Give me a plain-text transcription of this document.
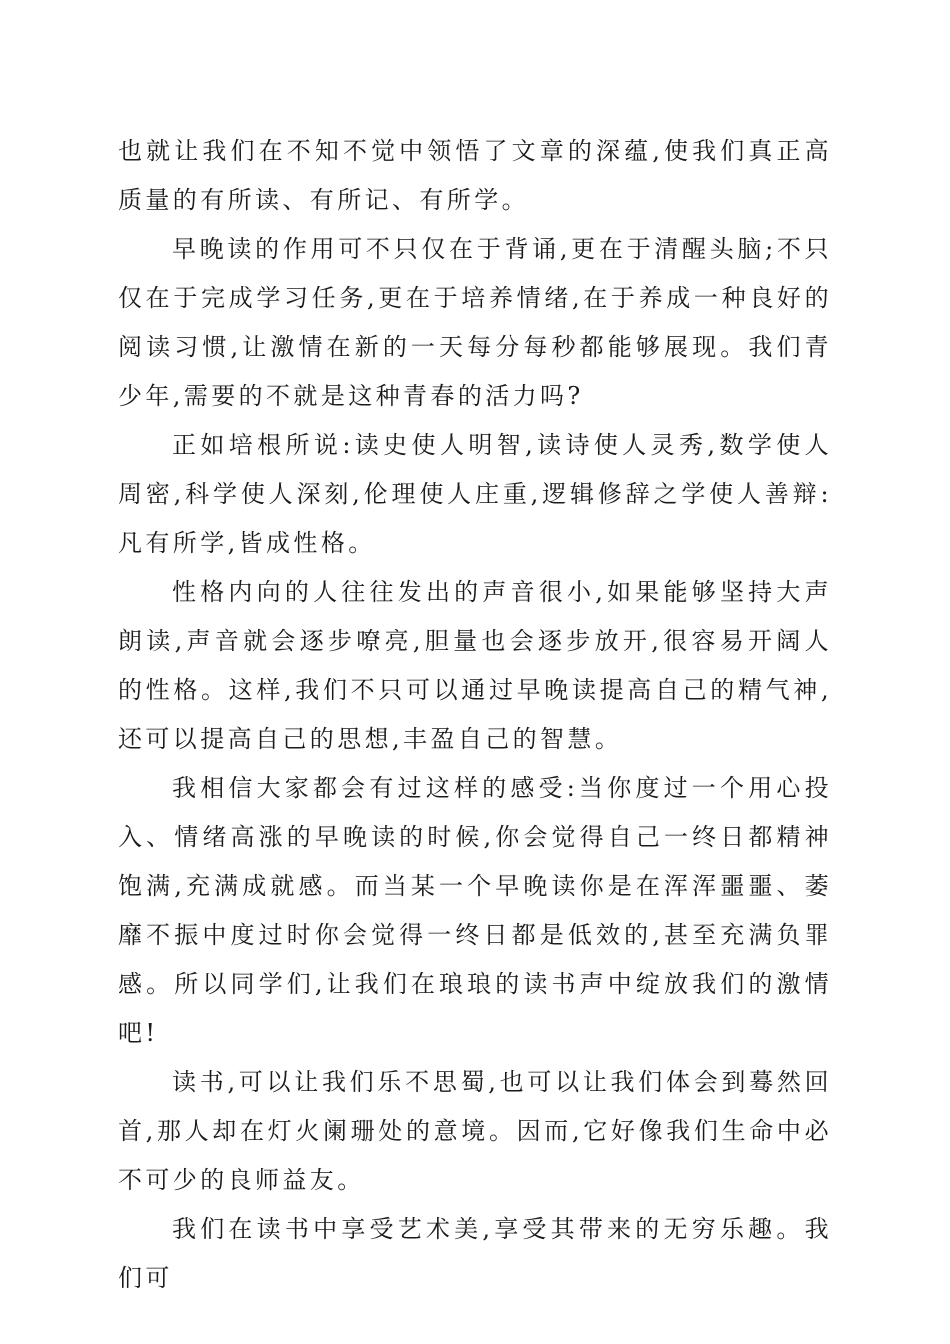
也就让我们在不知不觉中领悟了文章的深蕴,使我们真正高质量的有所读、有所记、有所学。

早晚读的作用可不只仅在于背诵,更在于清醒头脑;不只仅在于完成学习任务,更在于培养情绪,在于养成一种良好的阅读习惯,让激情在新的一天每分每秒都能够展现。我们青少年,需要的不就是这种青春的活力吗?

正如培根所说:读史使人明智,读诗使人灵秀,数学使人周密,科学使人深刻,伦理使人庄重,逻辑修辞之学使人善辩:凡有所学,皆成性格。

性格内向的人往往发出的声音很小,如果能够坚持大声朗读,声音就会逐步嘹亮,胆量也会逐步放开,很容易开阔人的性格。这样,我们不只可以通过早晚读提高自己的精气神,还可以提高自己的思想,丰盈自己的智慧。

我相信大家都会有过这样的感受:当你度过一个用心投入、情绪高涨的早晚读的时候,你会觉得自己一终日都精神饱满,充满成就感。而当某一个早晚读你是在浑浑噩噩、萎靡不振中度过时你会觉得一终日都是低效的,甚至充满负罪感。所以同学们,让我们在琅琅的读书声中绽放我们的激情吧!

读书,可以让我们乐不思蜀,也可以让我们体会到蓦然回首,那人却在灯火阑珊处的意境。因而,它好像我们生命中必不可少的良师益友。

我们在读书中享受艺术美,享受其带来的无穷乐趣。我们可
